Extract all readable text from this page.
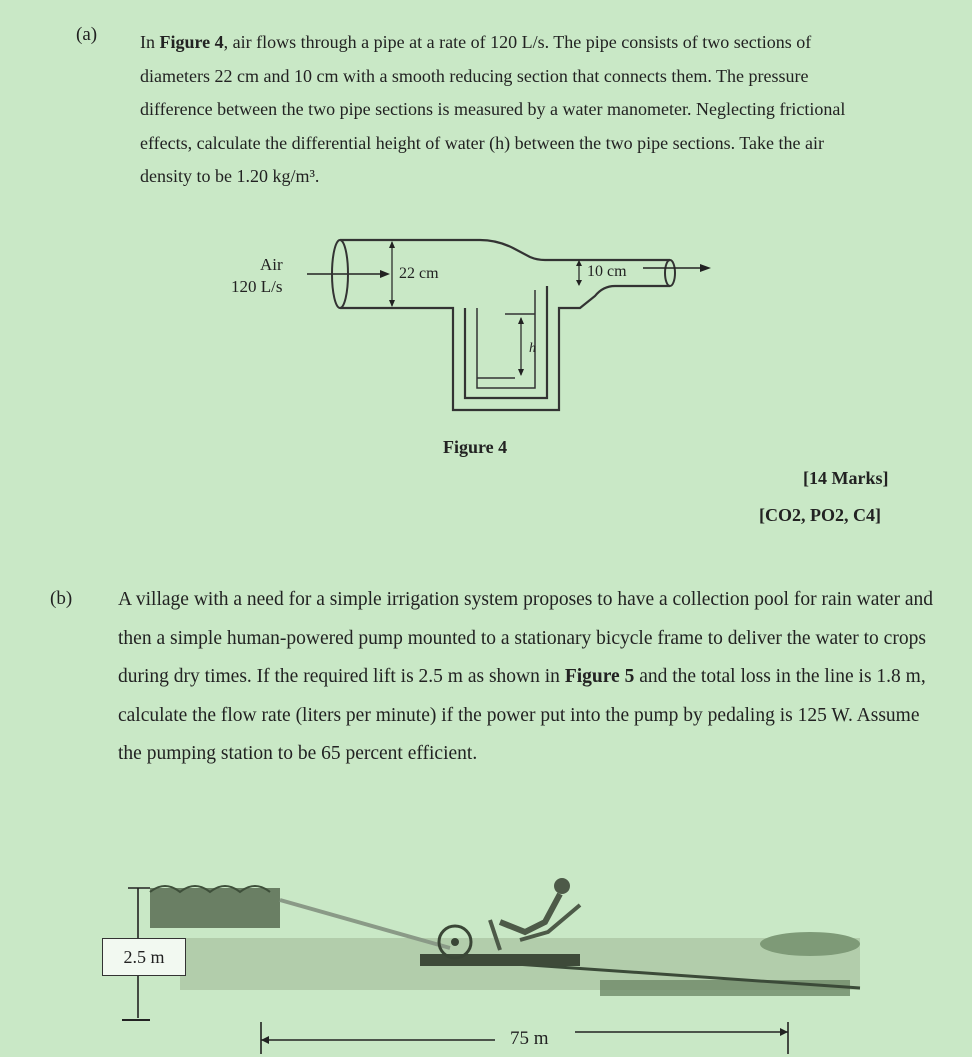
(a) In Figure 4, air flows through a pipe at a rate of 120 L/s. The pipe consists of two sections of diameters 22 cm and 10 cm with a smooth reducing section that connects them. The pressure difference between the two pipe sections is measured by a water manometer. Neglecting frictional effects, calculate the differential height of water (h) between the two pipe sections. Take the air density to be 1.20 kg/m³.

Air
120 L/s
h
22 cm	10 cm
Figure 4
[14 Marks]
[CO2, PO2, C4]
(b) A village with a need for a simple irrigation system proposes to have a collection pool for rain water and then a simple human-powered pump mounted to a stationary bicycle frame to deliver the water to crops during dry times. If the required lift is 2.5 m as shown in Figure 5 and the total loss in the line is 1.8 m, calculate the flow rate (liters per minute) if the power put into the pump by pedaling is 125 W. Assume the pumping station to be 65 percent efficient.

2.5 m
75 m
